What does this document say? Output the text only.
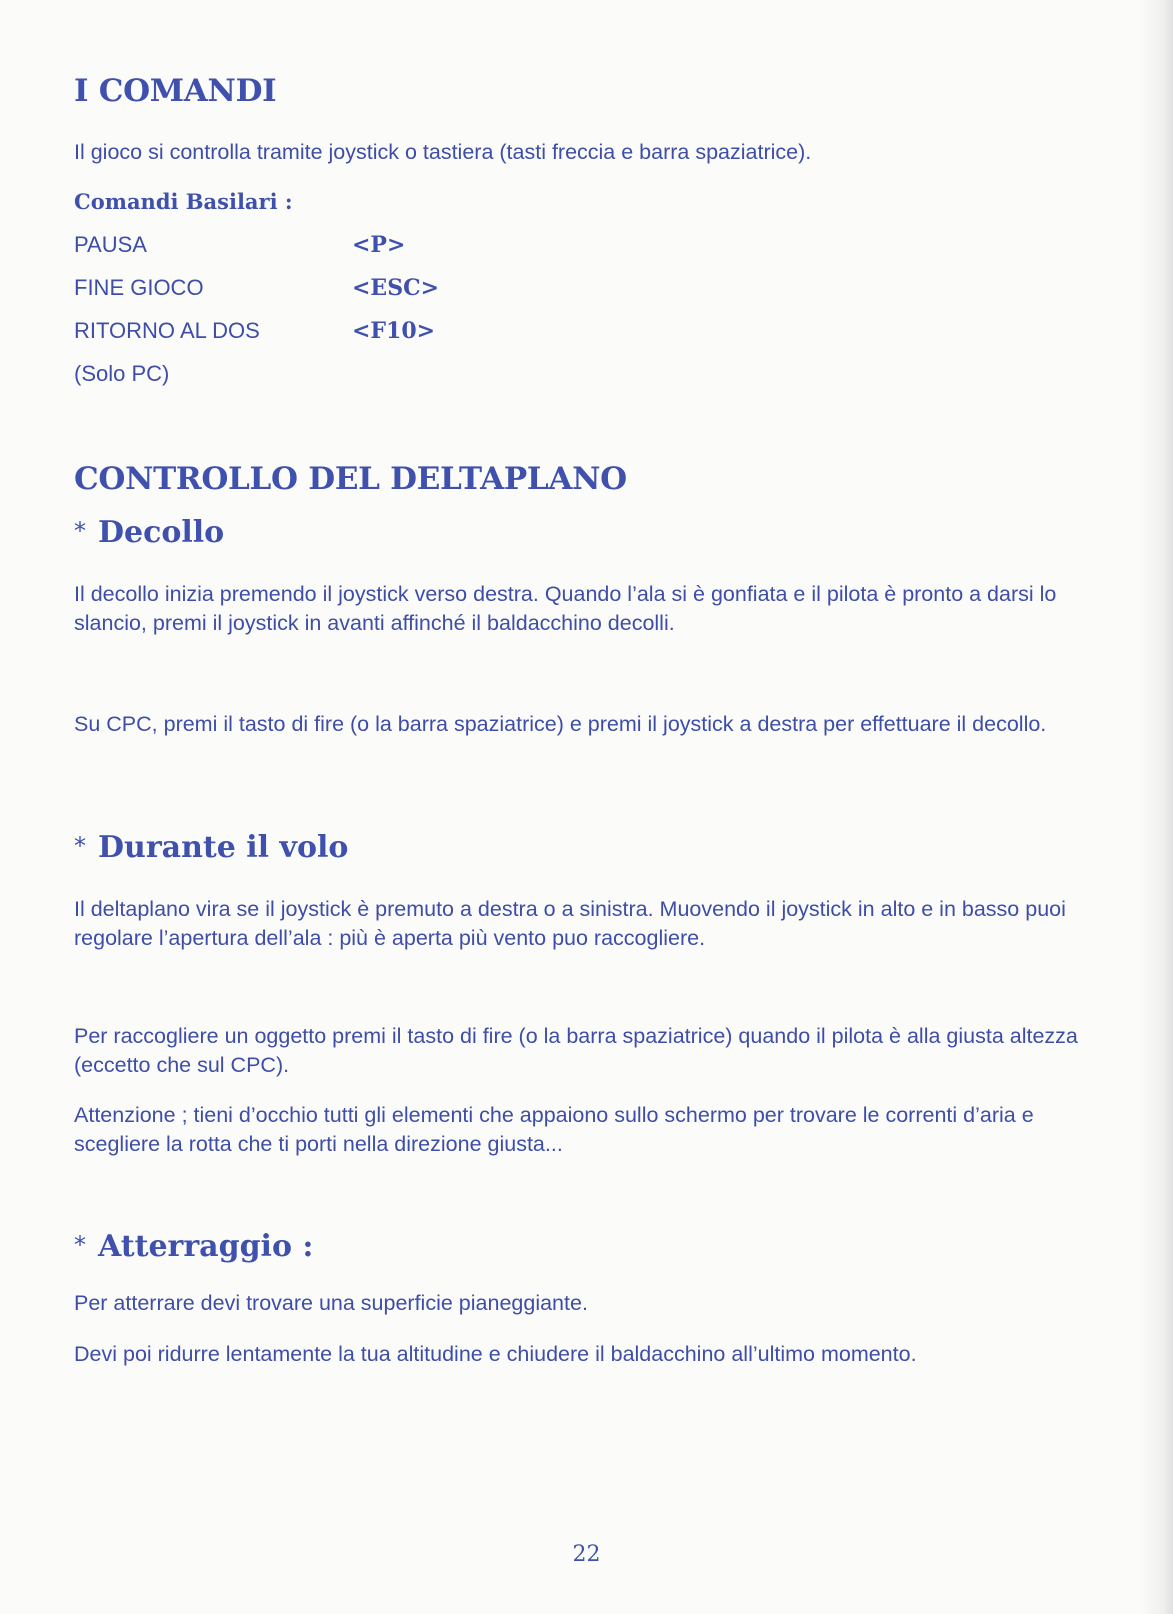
I COMANDI

Il gioco si controlla tramite joystick o tastiera (tasti freccia e barra spaziatrice).

Comandi Basilari :
PAUSA	<P>
FINE GIOCO	<ESC>
RITORNO AL DOS	<F10>
(Solo PC)
CONTROLLO DEL DELTAPLANO
* Decollo

Il decollo inizia premendo il joystick verso destra. Quando l’ala si è gonfiata e il pilota è pronto a darsi lo slancio, premi il joystick in avanti affinché il baldacchino decolli.

Su CPC, premi il tasto di fire (o la barra spaziatrice) e premi il joystick a destra per effettuare il decollo.

* Durante il volo

Il deltaplano vira se il joystick è premuto a destra o a sinistra. Muovendo il joystick in alto e in basso puoi regolare l’apertura dell’ala : più è aperta più vento puo raccogliere.

Per raccogliere un oggetto premi il tasto di fire (o la barra spaziatrice) quando il pilota è alla giusta altezza (eccetto che sul CPC).

Attenzione ; tieni d’occhio tutti gli elementi che appaiono sullo schermo per trovare le correnti d’aria e scegliere la rotta che ti porti nella direzione giusta...

* Atterraggio :

Per atterrare devi trovare una superficie pianeggiante.

Devi poi ridurre lentamente la tua altitudine e chiudere il baldacchino all’ultimo momento.

22
